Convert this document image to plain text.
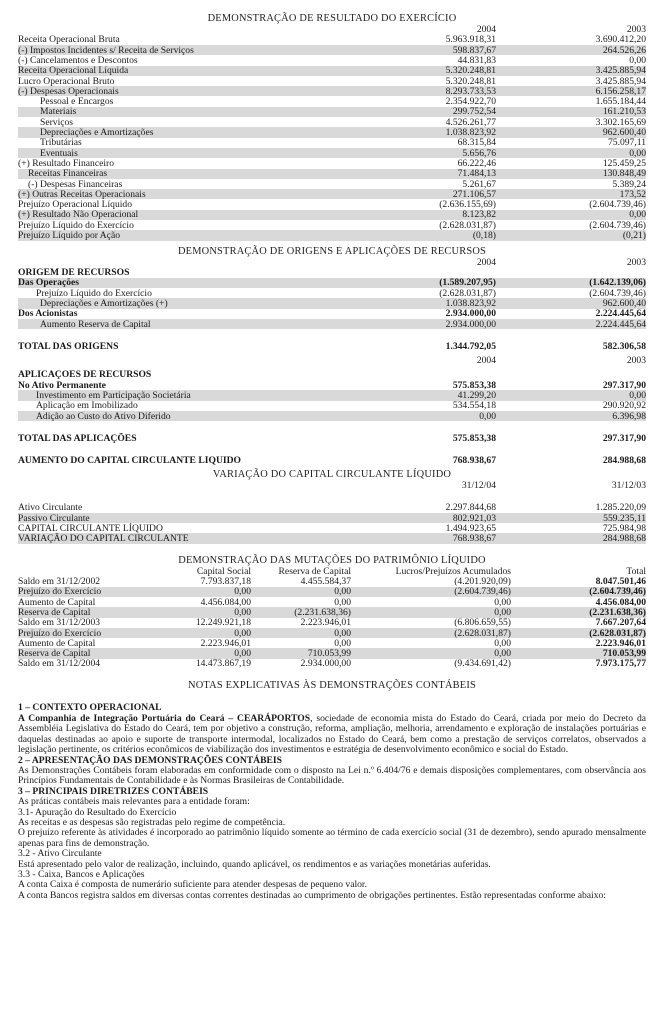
DEMONSTRAÇÃO DE RESULTADO DO EXERCÍCIO
	2004	2003
Receita Operacional Bruta	5.963.918,31	3.690.412,20
(-) Impostos Incidentes s/ Receita de Serviços	598.837,67	264.526,26
(-) Cancelamentos e Descontos	44.831,83	0,00
Receita Operacional Líquida	5.320.248,81	3.425.885,94
Lucro Operacional Bruto	5.320.248,81	3.425.885,94
(-) Despesas Operacionais	8.293.733,53	6.156.258,17
Pessoal e Encargos	2.354.922,70	1.655.184,44
Materiais	299.752,54	161.210,53
Serviços	4.526.261,77	3.302.165,69
Depreciações e Amortizações	1.038.823,92	962.600,40
Tributárias	68.315,84	75.097,11
Eventuais	5.656,76	0,00
(+) Resultado Financeiro	66.222,46	125.459,25
Receitas Financeiras	71.484,13	130.848,49
(-) Despesas Financeiras	5.261,67	5.389,24
(+) Outras Receitas Operacionais	271.106,57	173,52
Prejuízo Operacional Líquido	(2.636.155,69)	(2.604.739,46)
(+) Resultado Não Operacional	8.123,82	0,00
Prejuízo Líquido do Exercício	(2.628.031,87)	(2.604.739,46)
Prejuízo Líquido por Ação	(0,18)	(0,21)
DEMONSTRAÇÃO DE ORIGENS E APLICAÇÕES DE RECURSOS
	2004	2003
ORIGEM DE RECURSOS		
Das Operações	(1.589.207,95)	(1.642.139,06)
Prejuízo Líquido do Exercício	(2.628.031,87)	(2.604.739,46)
Depreciações e Amortizações (+)	1.038.823,92	962.600,40
Dos Acionistas	2.934.000,00	2.224.445,64
Aumento Reserva de Capital	2.934.000,00	2.224.445,64

TOTAL DAS ORIGENS	1.344.792,05	582.306,58

	2004	2003

APLICAÇÕES DE RECURSOS		
No Ativo Permanente	575.853,38	297.317,90
Investimento em Participação Societária	41.299,20	0,00
Aplicação em Imobilizado	534.554,18	290.920,92
Adição ao Custo do Ativo Diferido	0,00	6.396,98

TOTAL DAS APLICAÇÕES	575.853,38	297.317,90

AUMENTO DO CAPITAL CIRCULANTE LÍQUIDO	768.938,67	284.988,68
VARIAÇÃO DO CAPITAL CIRCULANTE LÍQUIDO
	31/12/04	31/12/03

Ativo Circulante	2.297.844,68	1.285.220,09
Passivo Circulante	802.921,03	559.235,11
CAPITAL CIRCULANTE LÍQUIDO	1.494.923,65	725.984,98
VARIAÇÃO DO CAPITAL CIRCULANTE	768.938,67	284.988,68
DEMONSTRAÇÃO DAS MUTAÇÕES DO PATRIMÔNIO LÍQUIDO
	Capital Social	Reserva de Capital	Lucros/Prejuízos Acumulados	Total
Saldo em 31/12/2002	7.793.837,18	4.455.584,37	(4.201.920,09)	8.047.501,46
Prejuízo do Exercício	0,00	0,00	(2.604.739,46)	(2.604.739,46)
Aumento de Capital	4.456.084,00	0,00	0,00	4.456.084,00
Reserva de Capital	0,00	(2.231.638,36)	0,00	(2.231.638,36)
Saldo em 31/12/2003	12.249.921,18	2.223.946,01	(6.806.659,55)	7.667.207,64
Prejuízo do Exercício	0,00	0,00	(2.628.031,87)	(2.628.031,87)
Aumento de Capital	2.223.946,01	0,00	0,00	2.223.946,01
Reserva de Capital	0,00	710.053,99	0,00	710.053,99
Saldo em 31/12/2004	14.473.867,19	2.934.000,00	(9.434.691,42)	7.973.175,77
NOTAS EXPLICATIVAS ÀS DEMONSTRAÇÕES CONTÁBEIS

1 – CONTEXTO OPERACIONAL

A Companhia de Integração Portuária do Ceará – CEARÁPORTOS, sociedade de economia mista do Estado do Ceará, criada por meio do Decreto da Assembléia Legislativa do Estado do Ceará, tem por objetivo a construção, reforma, ampliação, melhoria, arrendamento e exploração de instalações portuárias e daquelas destinadas ao apoio e suporte de transporte intermodal, localizados no Estado do Ceará, bem como a prestação de serviços correlatos, observados a legislação pertinente, os critérios econômicos de viabilização dos investimentos e estratégia de desenvolvimento econômico e social do Estado.

2 – APRESENTAÇÃO DAS DEMONSTRAÇÕES CONTÁBEIS

As Demonstrações Contábeis foram elaboradas em conformidade com o disposto na Lei n.º 6.404/76 e demais disposições complementares, com observância aos Princípios Fundamentais de Contabilidade e às Normas Brasileiras de Contabilidade.

3 – PRINCIPAIS DIRETRIZES CONTÁBEIS

As práticas contábeis mais relevantes para a entidade foram:

3.1- Apuração do Resultado do Exercício

As receitas e as despesas são registradas pelo regime de competência.

O prejuízo referente às atividades é incorporado ao patrimônio líquido somente ao término de cada exercício social (31 de dezembro), sendo apurado mensalmente apenas para fins de demonstração.

3.2 - Ativo Circulante

Está apresentado pelo valor de realização, incluindo, quando aplicável, os rendimentos e as variações monetárias auferidas.

3.3 - Caixa, Bancos e Aplicações

A conta Caixa é composta de numerário suficiente para atender despesas de pequeno valor.

A conta Bancos registra saldos em diversas contas correntes destinadas ao cumprimento de obrigações pertinentes. Estão representadas conforme abaixo:
